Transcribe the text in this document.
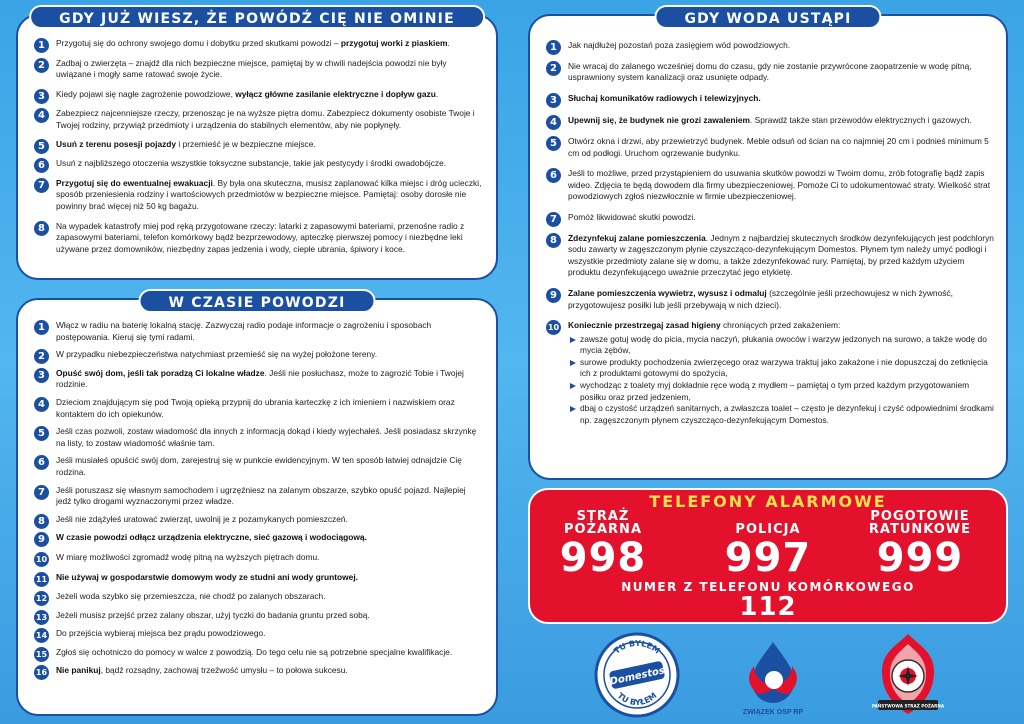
GDY JUŻ WIESZ, ŻE POWÓDŹ CIĘ NIE OMINIE
1	Przygotuj się do ochrony swojego domu i dobytku przed skutkami powodzi – przygotuj worki z piaskiem.
2	Zadbaj o zwierzęta – znajdź dla nich bezpieczne miejsce, pamiętaj by w chwili nadejścia powodzi nie były uwiązane i mogły same ratować swoje życie.
3	Kiedy pojawi się nagłe zagrożenie powodziowe, wyłącz główne zasilanie elektryczne i dopływ gazu.
4	Zabezpiecz najcenniejsze rzeczy, przenosząc je na wyższe piętra domu. Zabezpiecz dokumenty osobiste Twoje i Twojej rodziny, przywiąż przedmioty i urządzenia do stabilnych elementów, aby nie popłynęły.
5	Usuń z terenu posesji pojazdy i przemieść je w bezpieczne miejsce.
6	Usuń z najbliższego otoczenia wszystkie toksyczne substancje, takie jak pestycydy i środki owadobójcze.
7	Przygotuj się do ewentualnej ewakuacji. By była ona skuteczna, musisz zaplanować kilka miejsc i dróg ucieczki, sposób przeniesienia rodziny i wartościowych przedmiotów w bezpieczne miejsce. Pamiętaj: osoby dorosłe nie powinny brać więcej niż 50 kg bagażu.
8	Na wypadek katastrofy miej pod ręką przygotowane rzeczy: latarki z zapasowymi bateriami, przenośne radio z zapasowymi bateriami, telefon komórkowy bądź bezprzewodowy, apteczkę pierwszej pomocy i niezbędne leki używane przez domowników, niezbędny zapas jedzenia i wody, ciepłe ubrania, śpiwory i koce.
W CZASIE POWODZI
1	Włącz w radiu na baterię lokalną stację. Zazwyczaj radio podaje informacje o zagrożeniu i sposobach postępowania. Kieruj się tymi radami.
2	W przypadku niebezpieczeństwa natychmiast przemieść się na wyżej położone tereny.
3	Opuść swój dom, jeśli tak poradzą Ci lokalne władze. Jeśli nie posłuchasz, może to zagrozić Tobie i Twojej rodzinie.
4	Dzieciom znajdującym się pod Twoją opieką przypnij do ubrania karteczkę z ich imieniem i nazwiskiem oraz kontaktem do ich opiekunów.
5	Jeśli czas pozwoli, zostaw wiadomość dla innych z informacją dokąd i kiedy wyjechałeś. Jeśli posiadasz skrzynkę na listy, to zostaw wiadomość właśnie tam.
6	Jeśli musiałeś opuścić swój dom, zarejestruj się w punkcie ewidencyjnym. W ten sposób łatwiej odnajdzie Cię rodzina.
7	Jeśli poruszasz się własnym samochodem i ugrzęźniesz na zalanym obszarze, szybko opuść pojazd. Najlepiej jedź tylko drogami wyznaczonymi przez władze.
8	Jeśli nie zdążyłeś uratować zwierząt, uwolnij je z pozamykanych pomieszczeń.
9	W czasie powodzi odłącz urządzenia elektryczne, sieć gazową i wodociągową.
10 W miarę możliwości zgromadź wodę pitną na wyższych piętrach domu.
11 Nie używaj w gospodarstwie domowym wody ze studni ani wody gruntowej.
12 Jeżeli woda szybko się przemieszcza, nie chodź po zalanych obszarach.
13 Jeżeli musisz przejść przez zalany obszar, użyj tyczki do badania gruntu przed sobą.
14 Do przejścia wybieraj miejsca bez prądu powodziowego.
15 Zgłoś się ochotniczo do pomocy w walce z powodzią. Do tego celu nie są potrzebne specjalne kwalifikacje.
16 Nie panikuj, bądź rozsądny, zachowaj trzeźwość umysłu – to połowa sukcesu.
GDY WODA USTĄPI
1	Jak najdłużej pozostań poza zasięgiem wód powodziowych.
2	Nie wracaj do zalanego wcześniej domu do czasu, gdy nie zostanie przywrócone zaopatrzenie w wodę pitną, usprawniony system kanalizacji oraz usunięte odpady.
3	Słuchaj komunikatów radiowych i telewizyjnych.
4	Upewnij się, że budynek nie grozi zawaleniem. Sprawdź także stan przewodów elektrycznych i gazowych.
5	Otwórz okna i drzwi, aby przewietrzyć budynek. Meble odsuń od ścian na co najmniej 20 cm i podnieś minimum 5 cm od podłogi. Uruchom ogrzewanie budynku.
6	Jeśli to możliwe, przed przystąpieniem do usuwania skutków powodzi w Twoim domu, zrób fotografię bądź zapis wideo. Zdjęcia te będą dowodem dla firmy ubezpieczeniowej. Pomoże Ci to udokumentować straty. Wielkość strat powodziowych zgłoś niezwłocznie w firmie ubezpieczeniowej.
7	Pomóż likwidować skutki powodzi.
8	Zdezynfekuj zalane pomieszczenia. Jednym z najbardziej skutecznych środków dezynfekujących jest podchloryn sodu zawarty w zagęszczonym płynie czyszcząco-dezynfekującym Domestos. Płynem tym należy umyć podłogi i wszystkie przedmioty zalane się w domu, a także zdezynfekować rury. Pamiętaj, by przed każdym użyciem produktu dezynfekującego uważnie przeczytać jego etykietę.
9	Zalane pomieszczenia wywietrz, wysusz i odmaluj (szczególnie jeśli przechowujesz w nich żywność, przygotowujesz posiłki lub jeśli przebywają w nich dzieci).
10 Koniecznie przestrzegaj zasad higieny chroniących przed zakażeniem:
zawsze gotuj wodę do picia, mycia naczyń, płukania owoców i warzyw jedzonych na surowo, a także wodę do mycia zębów,
surowe produkty pochodzenia zwierzęcego oraz warzywa traktuj jako zakażone i nie dopuszczaj do zetknięcia ich z produktami gotowymi do spożycia,
wychodząc z toalety myj dokładnie ręce wodą z mydłem – pamiętaj o tym przed każdym przygotowaniem posiłku oraz przed jedzeniem,
dbaj o czystość urządzeń sanitarnych, a zwłaszcza toalet – często je dezynfekuj i czyść odpowiednimi środkami np. zagęszczonym płynem czyszcząco-dezynfekującym Domestos.
TELEFONY ALARMOWE
STRAŻ
POŻARNA
998
POLICJA
997
POGOTOWIE
RATUNKOWE
999
NUMER Z TELEFONU KOMÓRKOWEGO
112
TU BYŁEM
TU BYŁEM
Domestos
ZWIĄZEK OSP RP
PAŃSTWOWA STRAŻ POŻARNA
